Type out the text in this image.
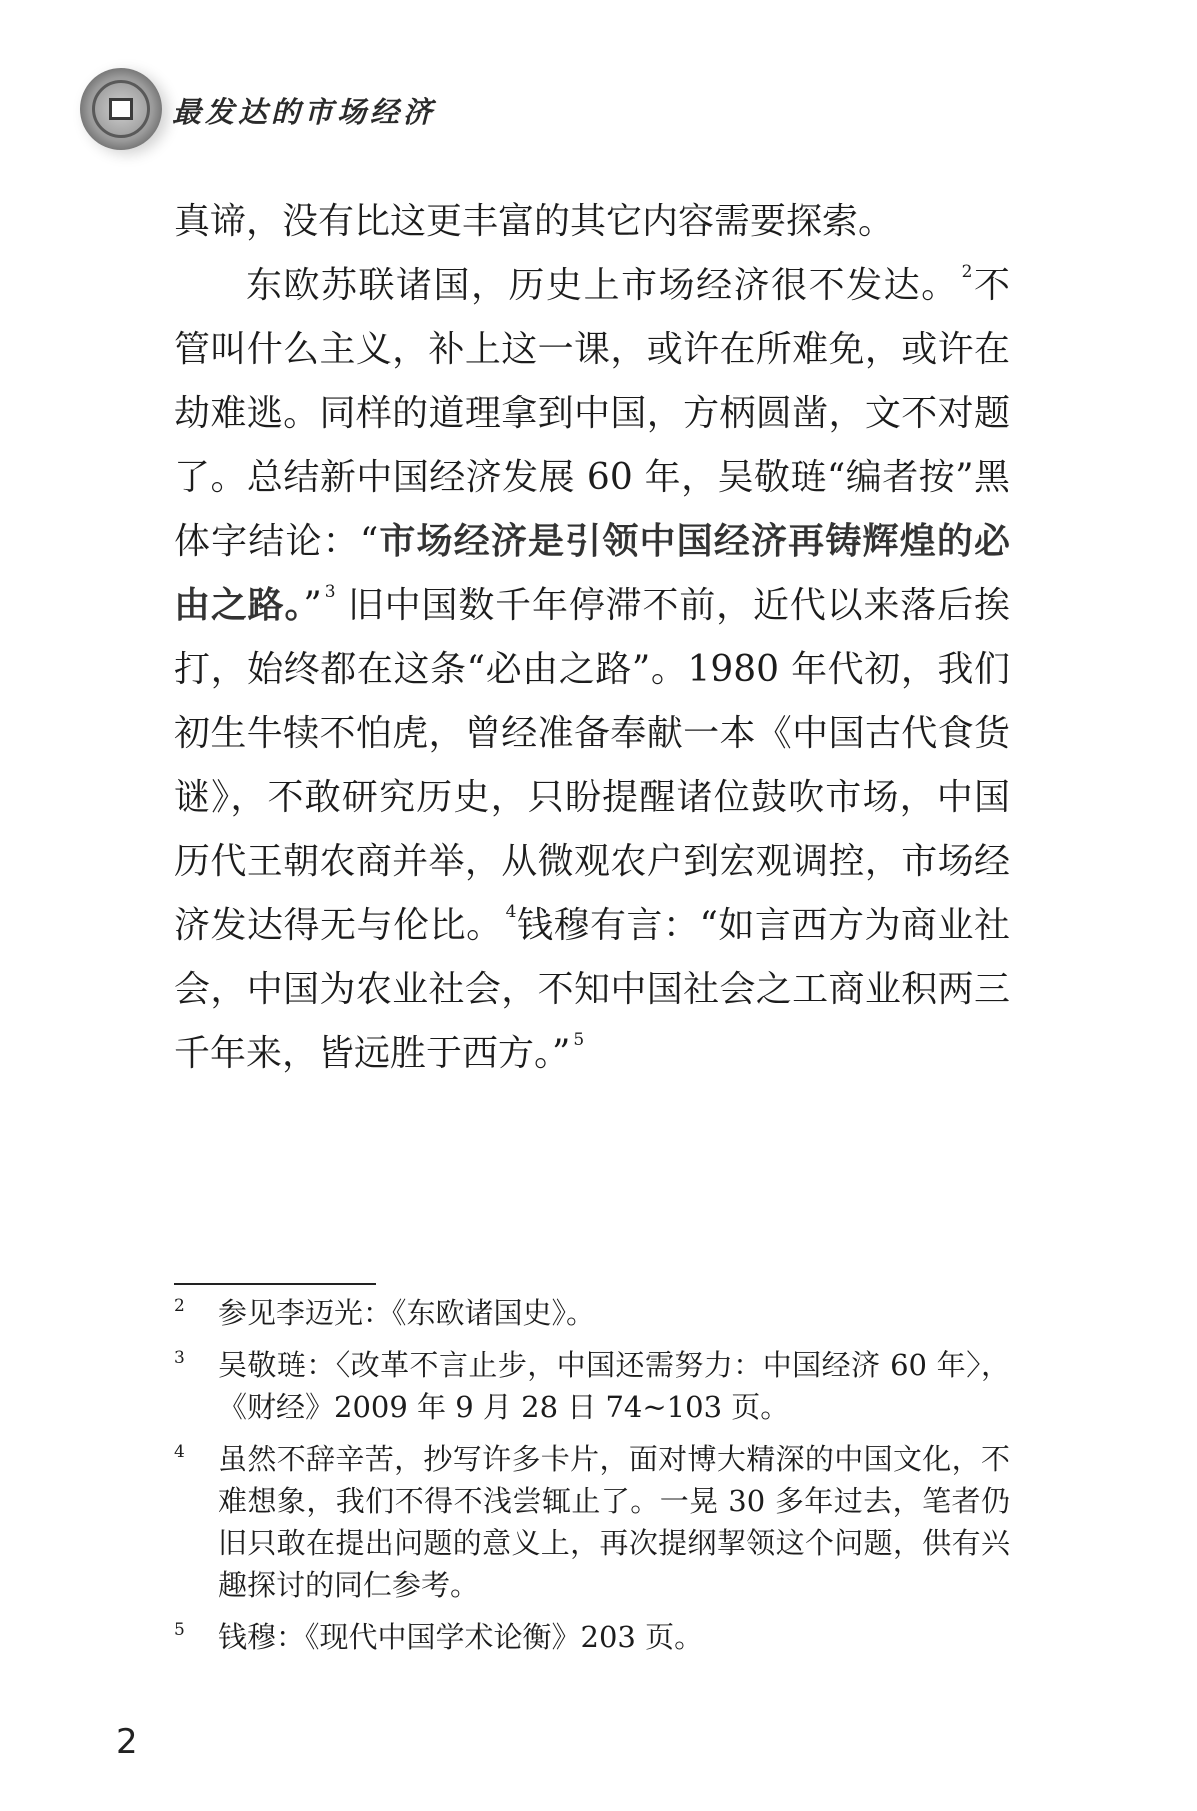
最发达的市场经济

真谛，没有比这更丰富的其它内容需要探索。

东欧苏联诸国，历史上市场经济很不发达。 $^2$不管叫什么主义，补上这一课，或许在所难免，或许在劫难逃。同样的道理拿到中国，方柄圆凿，文不对题了。总结新中国经济发展 60 年，吴敬琏“编者按”黑体字结论：“市场经济是引领中国经济再铸辉煌的必由之路。” $^3$ 旧中国数千年停滞不前，近代以来落后挨打，始终都在这条“必由之路”。1980 年代初，我们初生牛犊不怕虎，曾经准备奉献一本《中国古代食货谜》，不敢研究历史，只盼提醒诸位鼓吹市场，中国历代王朝农商并举，从微观农户到宏观调控，市场经济发达得无与伦比。 $^4$钱穆有言：“如言西方为商业社会，中国为农业社会，不知中国社会之工商业积两三千年来，皆远胜于西方。” $^5$

2	参见李迈光：《东欧诸国史》。
3	吴敬琏：〈改革不言止步，中国还需努力：中国经济 60 年〉，《财经》2009 年 9 月 28 日 74~103 页。
4	虽然不辞辛苦，抄写许多卡片，面对博大精深的中国文化，不难想象，我们不得不浅尝辄止了。一晃 30 多年过去，笔者仍旧只敢在提出问题的意义上，再次提纲挈领这个问题，供有兴趣探讨的同仁参考。
5	钱穆：《现代中国学术论衡》203 页。
2
